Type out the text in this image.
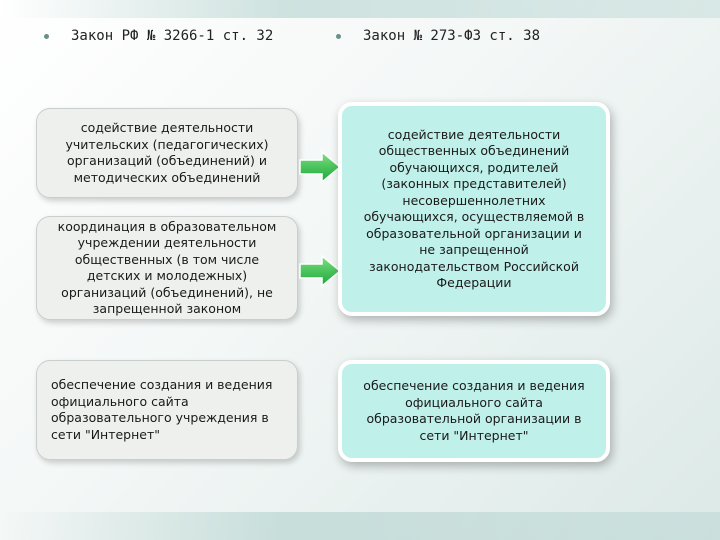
Закон РФ № 3266-1 ст. 32	Закон № 273-ФЗ ст. 38
содействие деятельности учительских (педагогических) организаций (объединений) и методических объединений
координация в образовательном учреждении деятельности общественных (в том числе детских и молодежных) организаций (объединений), не запрещенной законом
обеспечение создания и ведения официального сайта образовательного учреждения в сети "Интернет"
содействие деятельности общественных объединений обучающихся, родителей (законных представителей) несовершеннолетних обучающихся, осуществляемой в образовательной организации и не запрещенной законодательством Российской Федерации
обеспечение создания и ведения официального сайта образовательной организации в сети "Интернет"
